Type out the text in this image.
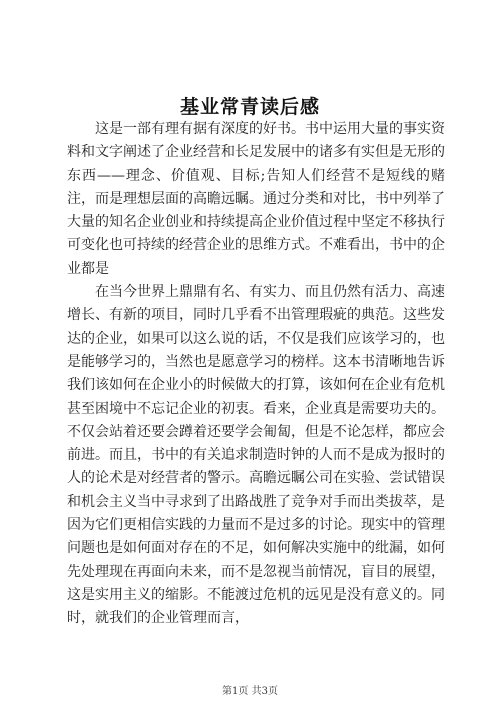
基业常青读后感

这是一部有理有据有深度的好书。书中运用大量的事实资料和文字阐述了企业经营和长足发展中的诸多有实但是无形的东西——理念、价值观、目标;告知人们经营不是短线的赌注，而是理想层面的高瞻远瞩。通过分类和对比，书中列举了大量的知名企业创业和持续提高企业价值过程中坚定不移执行可变化也可持续的经营企业的思维方式。不难看出，书中的企业都是

在当今世界上鼎鼎有名、有实力、而且仍然有活力、高速增长、有新的项目，同时几乎看不出管理瑕疵的典范。这些发达的企业，如果可以这么说的话，不仅是我们应该学习的，也是能够学习的，当然也是愿意学习的榜样。这本书清晰地告诉我们该如何在企业小的时候做大的打算，该如何在企业有危机甚至困境中不忘记企业的初衷。看来，企业真是需要功夫的。不仅会站着还要会蹲着还要学会匍匐，但是不论怎样，都应会前进。而且，书中的有关追求制造时钟的人而不是成为报时的人的论术是对经营者的警示。高瞻远瞩公司在实验、尝试错误和机会主义当中寻求到了出路战胜了竞争对手而出类拔萃，是因为它们更相信实践的力量而不是过多的讨论。现实中的管理问题也是如何面对存在的不足，如何解决实施中的纰漏，如何先处理现在再面向未来，而不是忽视当前情况，盲目的展望，这是实用主义的缩影。不能渡过危机的远见是没有意义的。同时，就我们的企业管理而言，

第1页 共3页
